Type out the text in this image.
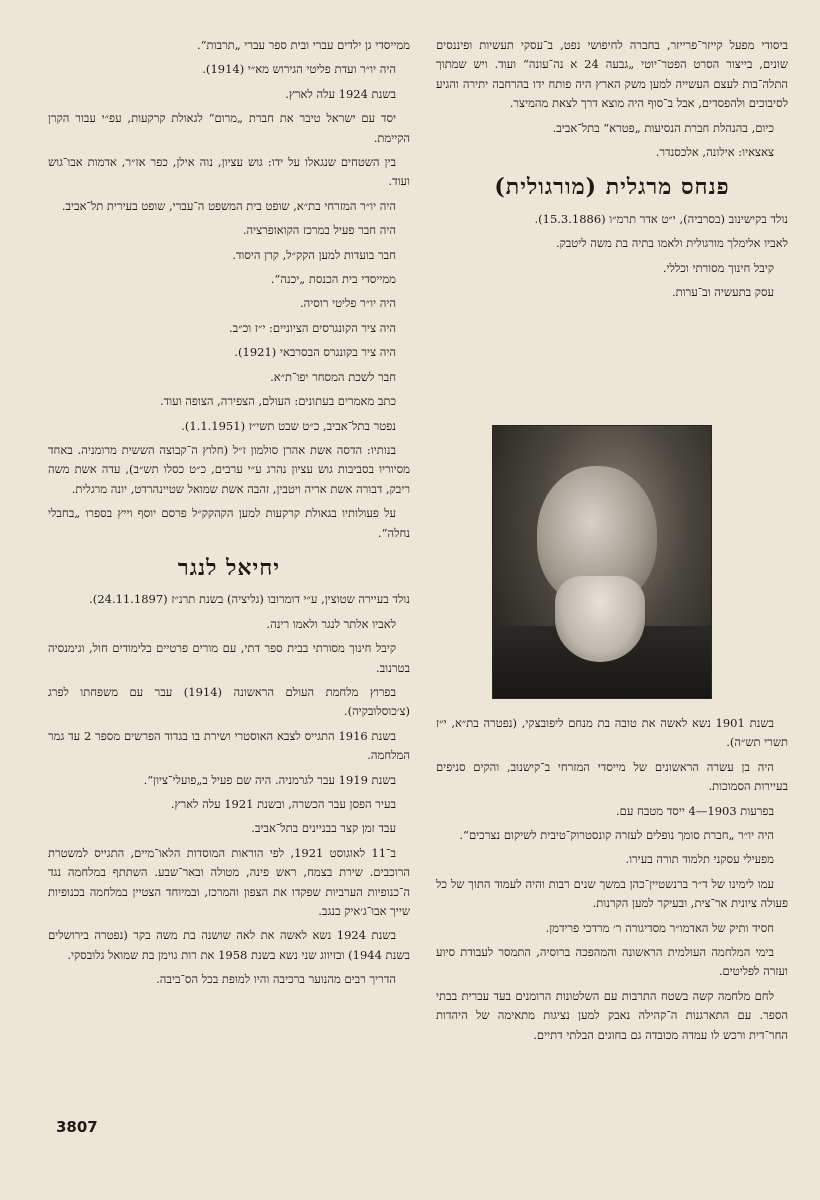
ביסודי מפעל קייזר־פרייזר, בחברה לחיפושי נפט, ב־עסקי תעשיות ופיננסים שונים, בייצור הסרט הפטר־יוטי „גבעה 24 א נה־עונה“ ועוד. ויש שמתוך התלה־בות לעצם העשייה למען משק הארץ היה פותח ידו בהרחבה יתירה והגיע לסיבוכים ולהפסדים, אבל ב־סוף היה מוצא דרך לצאת מהמיצר.

כיום, בהנהלת חברת הנסיעות „פטרא“ בתל־אביב.

צאצאיו: אילונה, אלכסנדר.

פנחס מרגלית (מורגולית)

נולד בקישינוב (בסרביה), י״ט אדר תרמ״ו (15.3.1886).

לאביו אלימלך מורגולית ולאמו בתיה בת משה ליטבק.

קיבל חינוך מסורתי וכללי.

עסק בתעשיה וב־ערות.

בשנת 1901 נשא לאשה את טובה בת מנחם ליפובצקי, (נפטרה בת״א, י״ז תשרי תש״ה).

היה בן עשרה הראשונים של מייסדי המזרחי ב־קישנוב, והקים סניפים בעיירות הסמוכות.

בפרעות 1903—4 ייסד מטבח עם.

היה יו״ר „חברת סומך נופלים לעזרה קונסטרוק־טיבית לשיקום נצרכים“.

מפעילי עסקני תלמוד תורה בעירו.

עמו לימינו של ד״ר ברנשטיין־כהן במשך שנים רבות והיה לעמוד התוך של כל פעולה ציונית אר־צית, ובעיקר למען הקרנות.

חסיד ותיק של האדמו״ר מסדיגורה ר׳ מרדכי פרידמן.

בימי המלחמה העולמית הראשונה והמהפכה ברוסיה, התמסר לעבודת סיוע ועזרה לפליטים.

לחם מלחמה קשה בשטח התרבות עם השלטונות הרומנים בעד עברית בבתי הספר. עם התארגנות ה־קהילה נאבק למען נציגות מתאימה של היהדות החר־דית ורכש לו עמדה מכובדה גם בחוגים הבלתי דתיים.

ממייסדי גן ילדים עברי ובית ספר עברי „תרבות“.

היה יו״ר ועדת פליטי הגירוש מא״י (1914).

בשנת 1924 עלה לארץ.

יסד עם ישראל טיבר את חברת „מרום“ לגאולת קרקעות, עפ״י עבור הקרן הקיימת.

בין השטחים שנגאלו על ידו: גוש עציון, נוה אילן, כפר אז״ר, אדמות אבו־גוש ועוד.

היה יו״ר המזרחי בת״א, שופט בית המשפט ה־עברי, שופט בעירית תל־אביב.

היה חבר פעיל במרכז הקואופרציה.

חבר בועדות למען הקק״ל, קרן היסוד.

ממייסדי בית הכנסת „יכנה“.

היה יו״ר פליטי רוסיה.

היה ציר הקונגרסים הציוניים: י״ז וכ״ב.

היה ציר בקונגרס הבסרבאי (1921).

חבר לשכת המסחר יפו־ת״א.

כתב מאמרים בעתונים: העולם, הצפירה, הצופה ועוד.

נפטר בתל־אביב, כ״ט שבט תשי״ז (1.1.1951).

בנותיו: הדסה אשת אהרן סולמון ז״ל (חלוץ ה־קבוצה הששית מרומניה. באחד מסיוריו בסביבות גוש עציון נהרג ע״י ערבים, כ״ט כסלו תש״ב), עדה אשת משה ריבק, דבורה אשת אריה ויטבין, זהבה אשת שמואל שטיינהרדט, יונה מרגלית.

על פעולותיו בגאולת קרקעות למען הקהקק״ל פרסם יוסף וייץ בספרו „בחבלי נחלה“.

יחיאל לנגר

נולד בעיירה שטוצין, ע״י דומרובו (גליציה) בשנת תרנ״ז (24.11.1897).

לאביו אלתר לנגר ולאמו רינה.

קיבל חינוך מסורתי בבית ספר דתי, עם מורים פרטיים בלימודים חול, וגימנסיה בטרנוב.

בפרוץ מלחמת העולם הראשונה (1914) עבר עם משפחתו לפרג (צ׳כוסלובקיה).

בשנת 1916 התגייס לצבא האוסטרי ושירת בו בגדוד הפרשים מספר 2 עד גמר המלחמה.

בשנת 1919 עבר לגרמניה. היה שם פעיל ב„פועלי־ציון“.

בעיר הפסן עבר הכשרה, ובשנת 1921 עלה לארץ.

עבד זמן קצר בבניינים בתל־אביב.

ב־11 לאוגוסט 1921, לפי הוראות המוסדות הלאו־מיים, התגייס למשטרת הרוכבים. שירת בצמח, ראש פינה, מטולה ובאר־שבע. השתתף במלחמה נגד ה־כנופיות הערביות שפקדו את הצפון והמרכז, ובמיוחד הצטיין במלחמה בכנופיות שייך אבו־ג׳איק בנגב.

בשנת 1924 נשא לאשה את לאה שושנה בת משה בקר (נפטרה בירושלים בשנת 1944) ובזיווג שני נשא בשנת 1958 את רות גוימן בת שמואל גלובסקי.

הדריך רבים מהנוער ברכיבה והיו למופת בכל הס־ביבה.

3807
